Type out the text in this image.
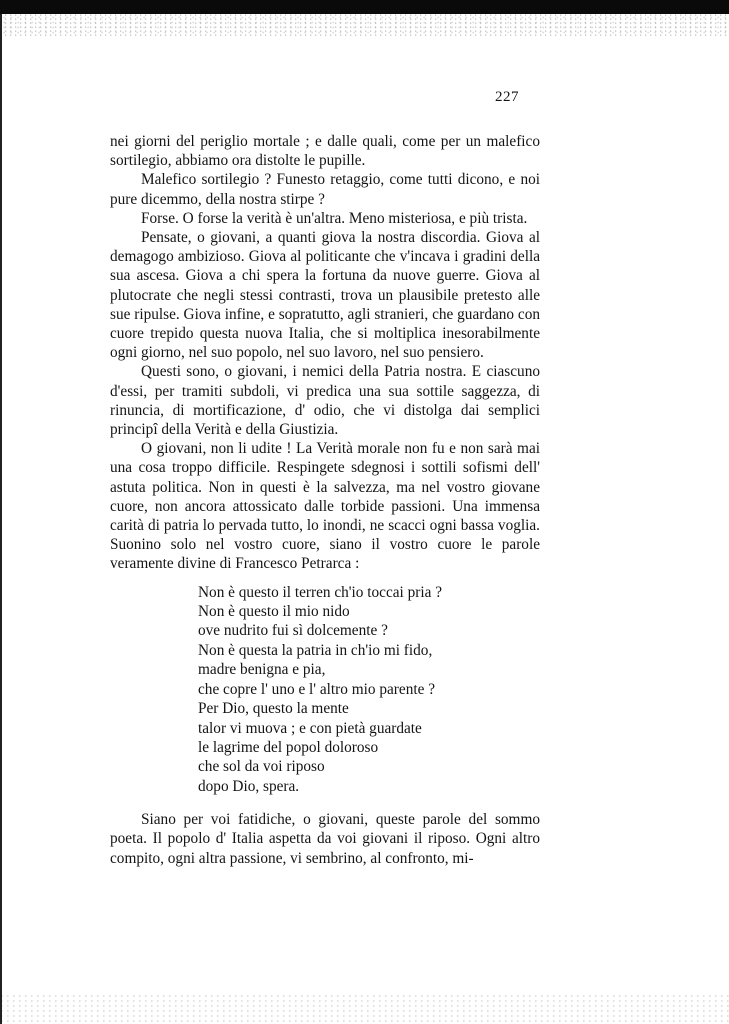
227

nei giorni del periglio mortale ; e dalle quali, come per un malefico sortilegio, abbiamo ora distolte le pupille.

Malefico sortilegio ? Funesto retaggio, come tutti dicono, e noi pure dicemmo, della nostra stirpe ?

Forse. O forse la verità è un'altra. Meno misteriosa, e più trista.

Pensate, o giovani, a quanti giova la nostra discordia. Giova al demagogo ambizioso. Giova al politicante che v'incava i gradini della sua ascesa. Giova a chi spera la fortuna da nuove guerre. Giova al plutocrate che negli stessi contrasti, trova un plausibile pretesto alle sue ripulse. Giova infine, e sopratutto, agli stranieri, che guardano con cuore trepido questa nuova Italia, che si moltiplica inesorabilmente ogni giorno, nel suo popolo, nel suo lavoro, nel suo pensiero.

Questi sono, o giovani, i nemici della Patria nostra. E ciascuno d'essi, per tramiti subdoli, vi predica una sua sottile saggezza, di rinuncia, di mortificazione, d' odio, che vi distolga dai semplici principî della Verità e della Giustizia.

O giovani, non li udite ! La Verità morale non fu e non sarà mai una cosa troppo difficile. Respingete sdegnosi i sottili sofismi dell' astuta politica. Non in questi è la salvezza, ma nel vostro giovane cuore, non ancora attossicato dalle torbide passioni. Una immensa carità di patria lo pervada tutto, lo inondi, ne scacci ogni bassa voglia. Suonino solo nel vostro cuore, siano il vostro cuore le parole veramente divine di Francesco Petrarca :

Non è questo il terren ch'io toccai pria ?
Non è questo il mio nido
ove nudrito fui sì dolcemente ?
Non è questa la patria in ch'io mi fido,
madre benigna e pia,
che copre l' uno e l' altro mio parente ?
Per Dio, questo la mente
talor vi muova ; e con pietà guardate
le lagrime del popol doloroso
che sol da voi riposo
dopo Dio, spera.

Siano per voi fatidiche, o giovani, queste parole del sommo poeta. Il popolo d' Italia aspetta da voi giovani il riposo. Ogni altro compito, ogni altra passione, vi sembrino, al confronto, mi-
